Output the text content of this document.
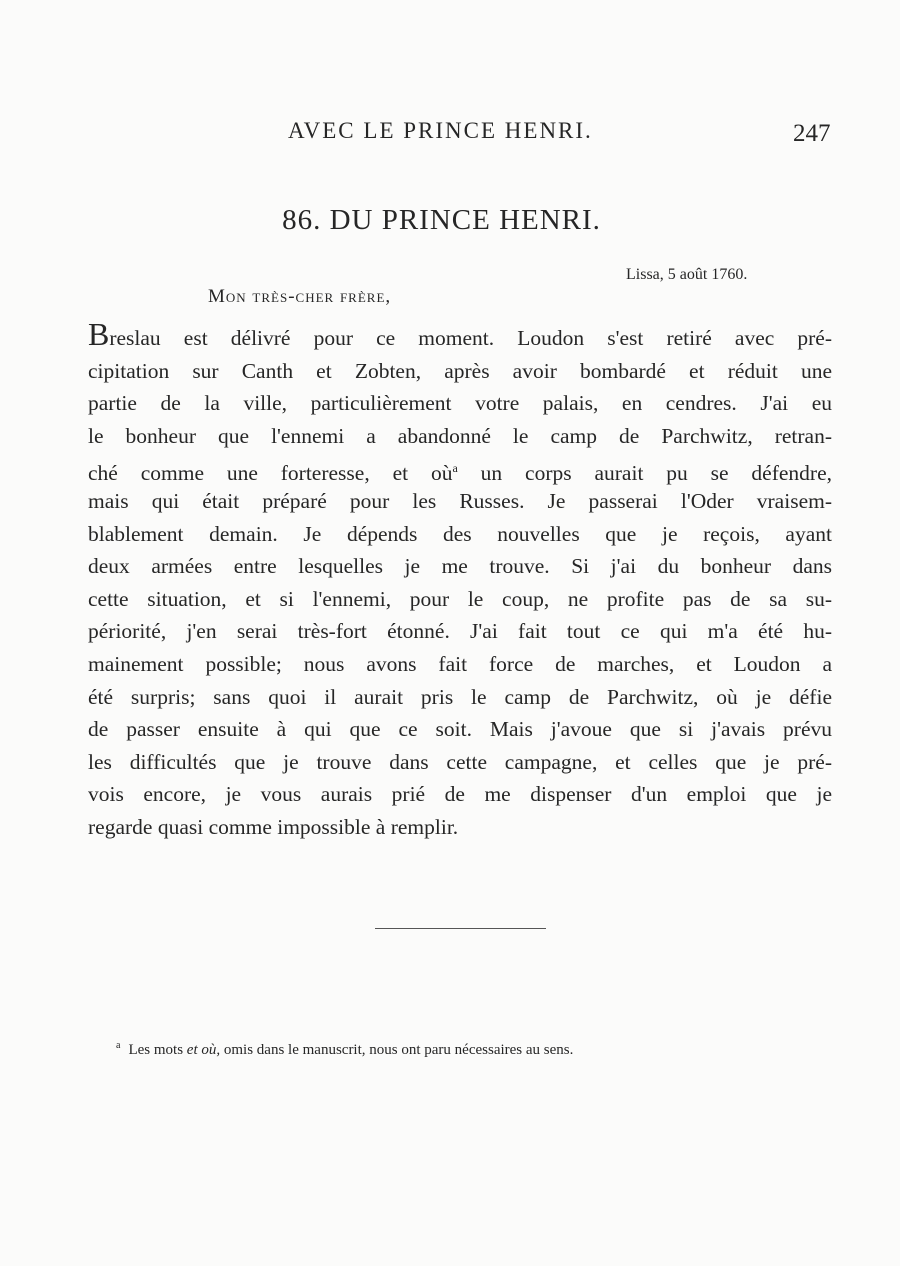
AVEC LE PRINCE HENRI.	247
86. DU PRINCE HENRI.
Lissa, 5 août 1760.
Mon très-cher frère,
Breslau est délivré pour ce moment. Loudon s'est retiré avec pré-
cipitation sur Canth et Zobten, après avoir bombardé et réduit une
partie de la ville, particulièrement votre palais, en cendres. J'ai eu
le bonheur que l'ennemi a abandonné le camp de Parchwitz, retran-
ché comme une forteresse, et où$^a$ un corps aurait pu se défendre,
mais qui était préparé pour les Russes. Je passerai l'Oder vraisem-
blablement demain. Je dépends des nouvelles que je reçois, ayant
deux armées entre lesquelles je me trouve. Si j'ai du bonheur dans
cette situation, et si l'ennemi, pour le coup, ne profite pas de sa su-
périorité, j'en serai très-fort étonné. J'ai fait tout ce qui m'a été hu-
mainement possible; nous avons fait force de marches, et Loudon a
été surpris; sans quoi il aurait pris le camp de Parchwitz, où je défie
de passer ensuite à qui que ce soit. Mais j'avoue que si j'avais prévu
les difficultés que je trouve dans cette campagne, et celles que je pré-
vois encore, je vous aurais prié de me dispenser d'un emploi que je
regarde quasi comme impossible à remplir.
$^a$ Les mots et où, omis dans le manuscrit, nous ont paru nécessaires au sens.
